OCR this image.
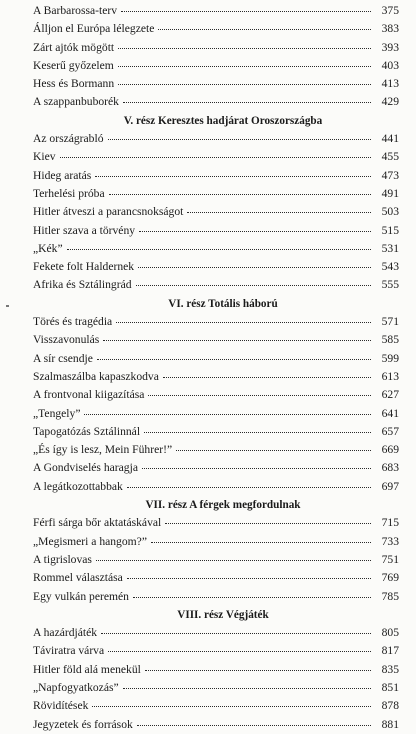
A Barbarossa-terv	375
Álljon el Európa lélegzete	383
Zárt ajtók mögött	393
Keserű győzelem	403
Hess és Bormann	413
A szappanbuborék	429
V. rész Keresztes hadjárat Oroszországba
Az országrabló	441
Kiev	455
Hideg aratás	473
Terhelési próba	491
Hitler átveszi a parancsnokságot	503
Hitler szava a törvény	515
„Kék”	531
Fekete folt Haldernek	543
Afrika és Sztálingrád	555
VI. rész Totális háború
Törés és tragédia	571
Visszavonulás	585
A sír csendje	599
Szalmaszálba kapaszkodva	613
A frontvonal kiigazítása	627
„Tengely”	641
Tapogatózás Sztálinnál	657
„És így is lesz, Mein Führer!”	669
A Gondviselés haragja	683
A legátkozottabbak	697
VII. rész A férgek megfordulnak
Férfi sárga bőr aktatáskával	715
„Megismeri a hangom?”	733
A tigrislovas	751
Rommel választása	769
Egy vulkán peremén	785
VIII. rész Végjáték
A hazárdjáték	805
Táviratra várva	817
Hitler föld alá menekül	835
„Napfogyatkozás”	851
Rövidítések	878
Jegyzetek és források	881
